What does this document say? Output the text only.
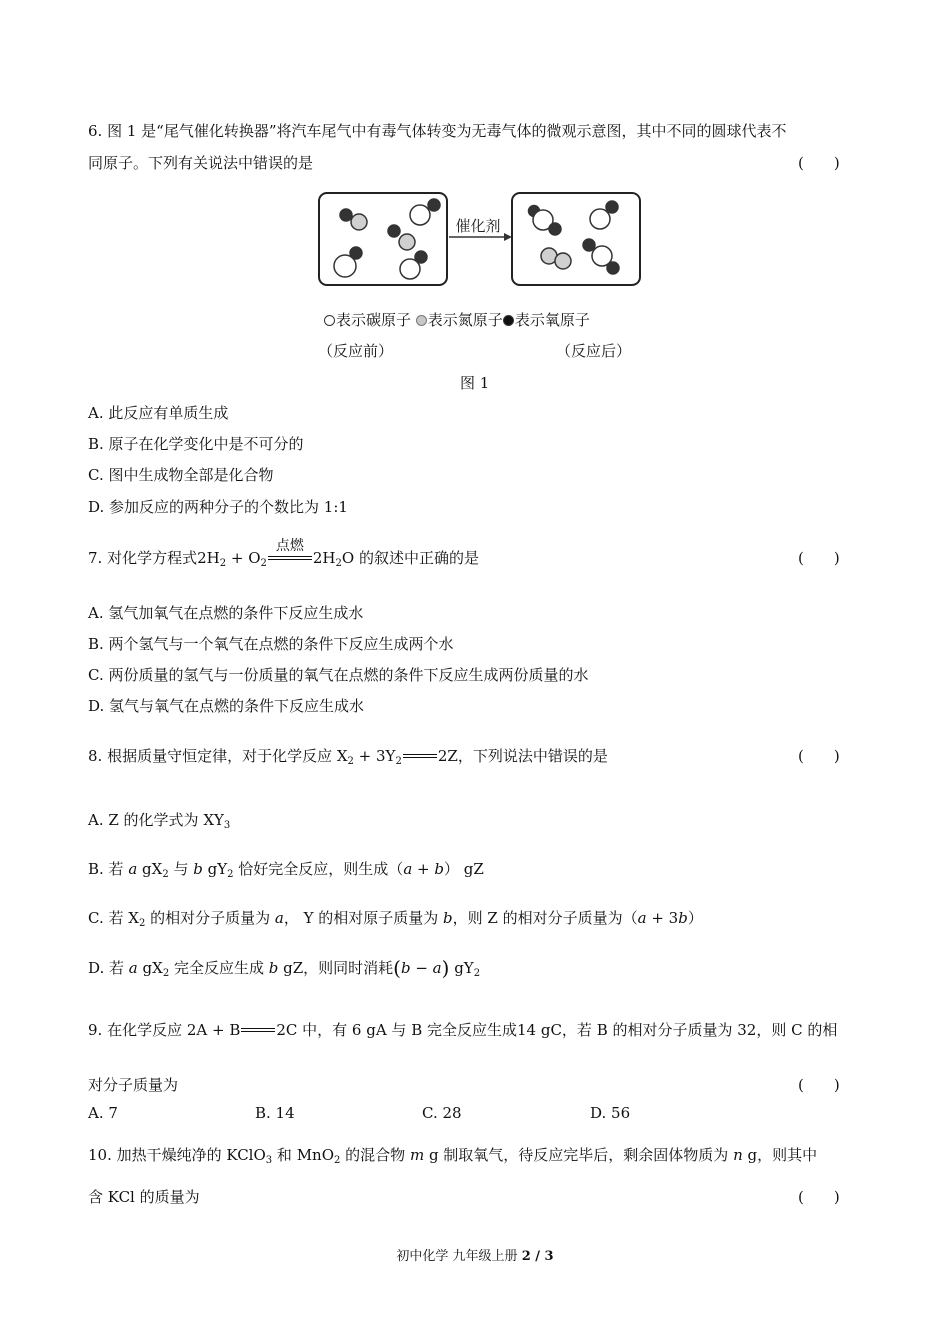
6. 图 1 是“尾气催化转换器”将汽车尾气中有毒气体转变为无毒气体的微观示意图，其中不同的圆球代表不
同原子。下列有关说法中错误的是	(　　)
催化剂
表示碳原子 表示氮原子 表示氧原子
（反应前）	（反应后）
图 1
A. 此反应有单质生成
B. 原子在化学变化中是不可分的
C. 图中生成物全部是化合物
D. 参加反应的两种分子的个数比为 1:1
7. 对化学方程式$2H_2 + O_2$
点燃
$2H_2O$ 的叙述中正确的是	(　　)
A. 氢气加氧气在点燃的条件下反应生成水
B. 两个氢气与一个氧气在点燃的条件下反应生成两个水
C. 两份质量的氢气与一份质量的氧气在点燃的条件下反应生成两份质量的水
D. 氢气与氧气在点燃的条件下反应生成水
8. 根据质量守恒定律，对于化学反应 $X_2 + 3Y_2$ 2Z，下列说法中错误的是	(　　)
A. Z 的化学式为 $XY_3$
B. 若 a $gX_2$ 与 b $gY_2$ 恰好完全反应，则生成（a + b） gZ
C. 若 $X_2$ 的相对分子质量为 a， Y 的相对原子质量为 b，则 Z 的相对分子质量为（a + 3b）
D. 若 a $gX_2$ 完全反应生成 b gZ，则同时消耗(b − a) $gY_2$
9. 在化学反应 2A + B 2C 中，有 6 gA 与 B 完全反应生成14 gC，若 B 的相对分子质量为 32，则 C 的相
对分子质量为	(　　)
A. 7	B. 14	C. 28	D. 56
10. 加热干燥纯净的 KClO$_3$ 和 MnO$_2$ 的混合物 m g 制取氧气，待反应完毕后，剩余固体物质为 n g，则其中
含 KCl 的质量为	(　　)
初中化学 九年级上册 2 / 3
